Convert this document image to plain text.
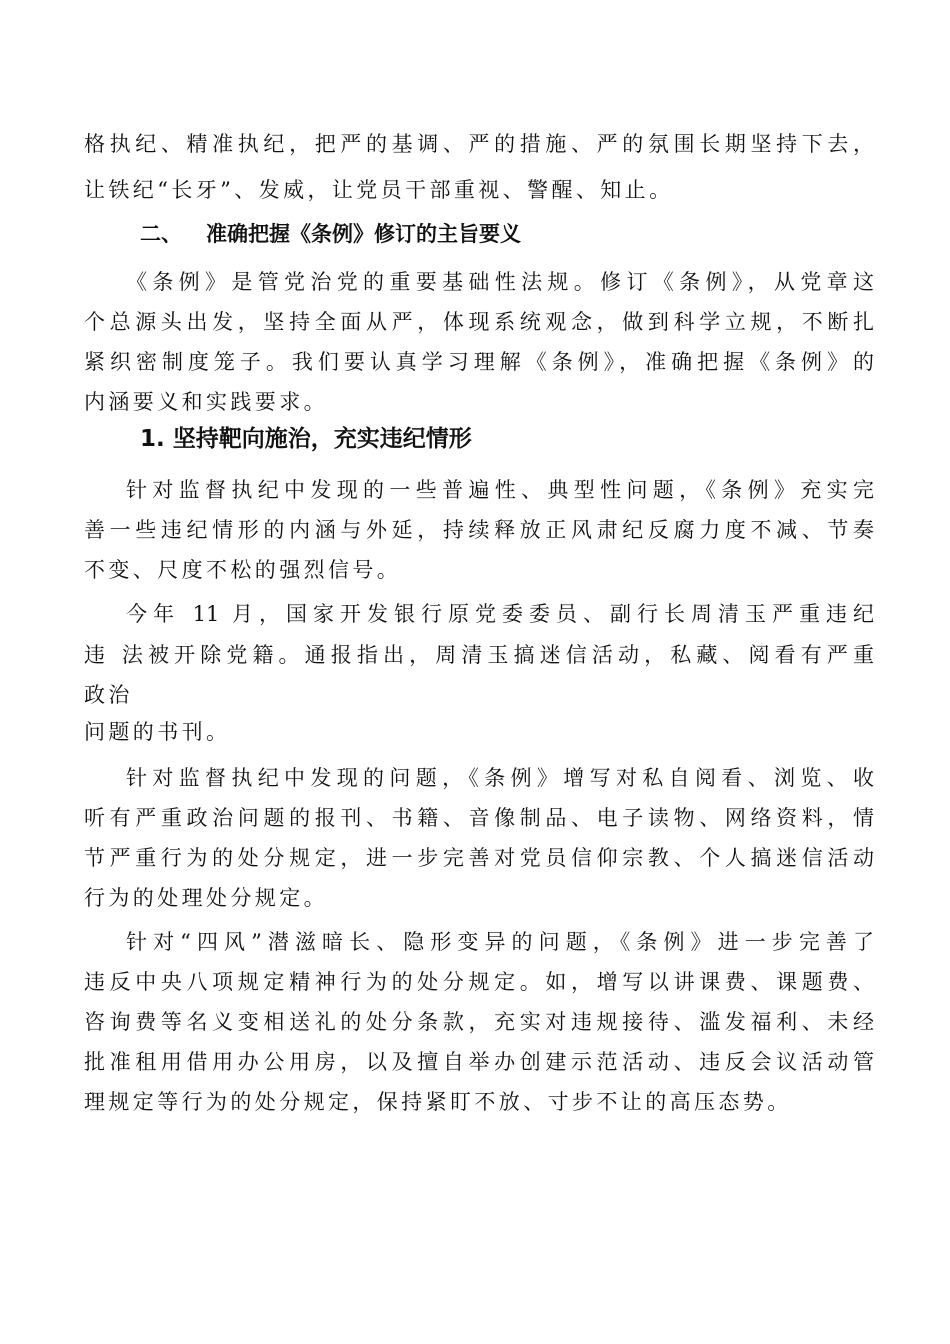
格执纪、精准执纪，把严的基调、严的措施、严的氛围长期坚持下去，
让铁纪“长牙”、发威，让党员干部重视、警醒、知止。
二、 准确把握《条例》修订的主旨要义
《条例》是管党治党的重要基础性法规。修订《条例》，从党章这
个总源头出发，坚持全面从严，体现系统观念，做到科学立规，不断扎
紧织密制度笼子。我们要认真学习理解《条例》，准确把握《条例》的
内涵要义和实践要求。
1. 坚持靶向施治，充实违纪情形
针对监督执纪中发现的一些普遍性、典型性问题，《条例》充实完
善一些违纪情形的内涵与外延，持续释放正风肃纪反腐力度不减、节奏
不变、尺度不松的强烈信号。
今年 11 月，国家开发银行原党委委员、副行长周清玉严重违纪
违 法被开除党籍。通报指出，周清玉搞迷信活动，私藏、阅看有严重
政治
问题的书刊。
针对监督执纪中发现的问题，《条例》增写对私自阅看、浏览、收
听有严重政治问题的报刊、书籍、音像制品、电子读物、网络资料，情
节严重行为的处分规定，进一步完善对党员信仰宗教、个人搞迷信活动
行为的处理处分规定。
针对“四风”潜滋暗长、隐形变异的问题，《条例》进一步完善了
违反中央八项规定精神行为的处分规定。如，增写以讲课费、课题费、
咨询费等名义变相送礼的处分条款，充实对违规接待、滥发福利、未经
批准租用借用办公用房，以及擅自举办创建示范活动、违反会议活动管
理规定等行为的处分规定，保持紧盯不放、寸步不让的高压态势。
